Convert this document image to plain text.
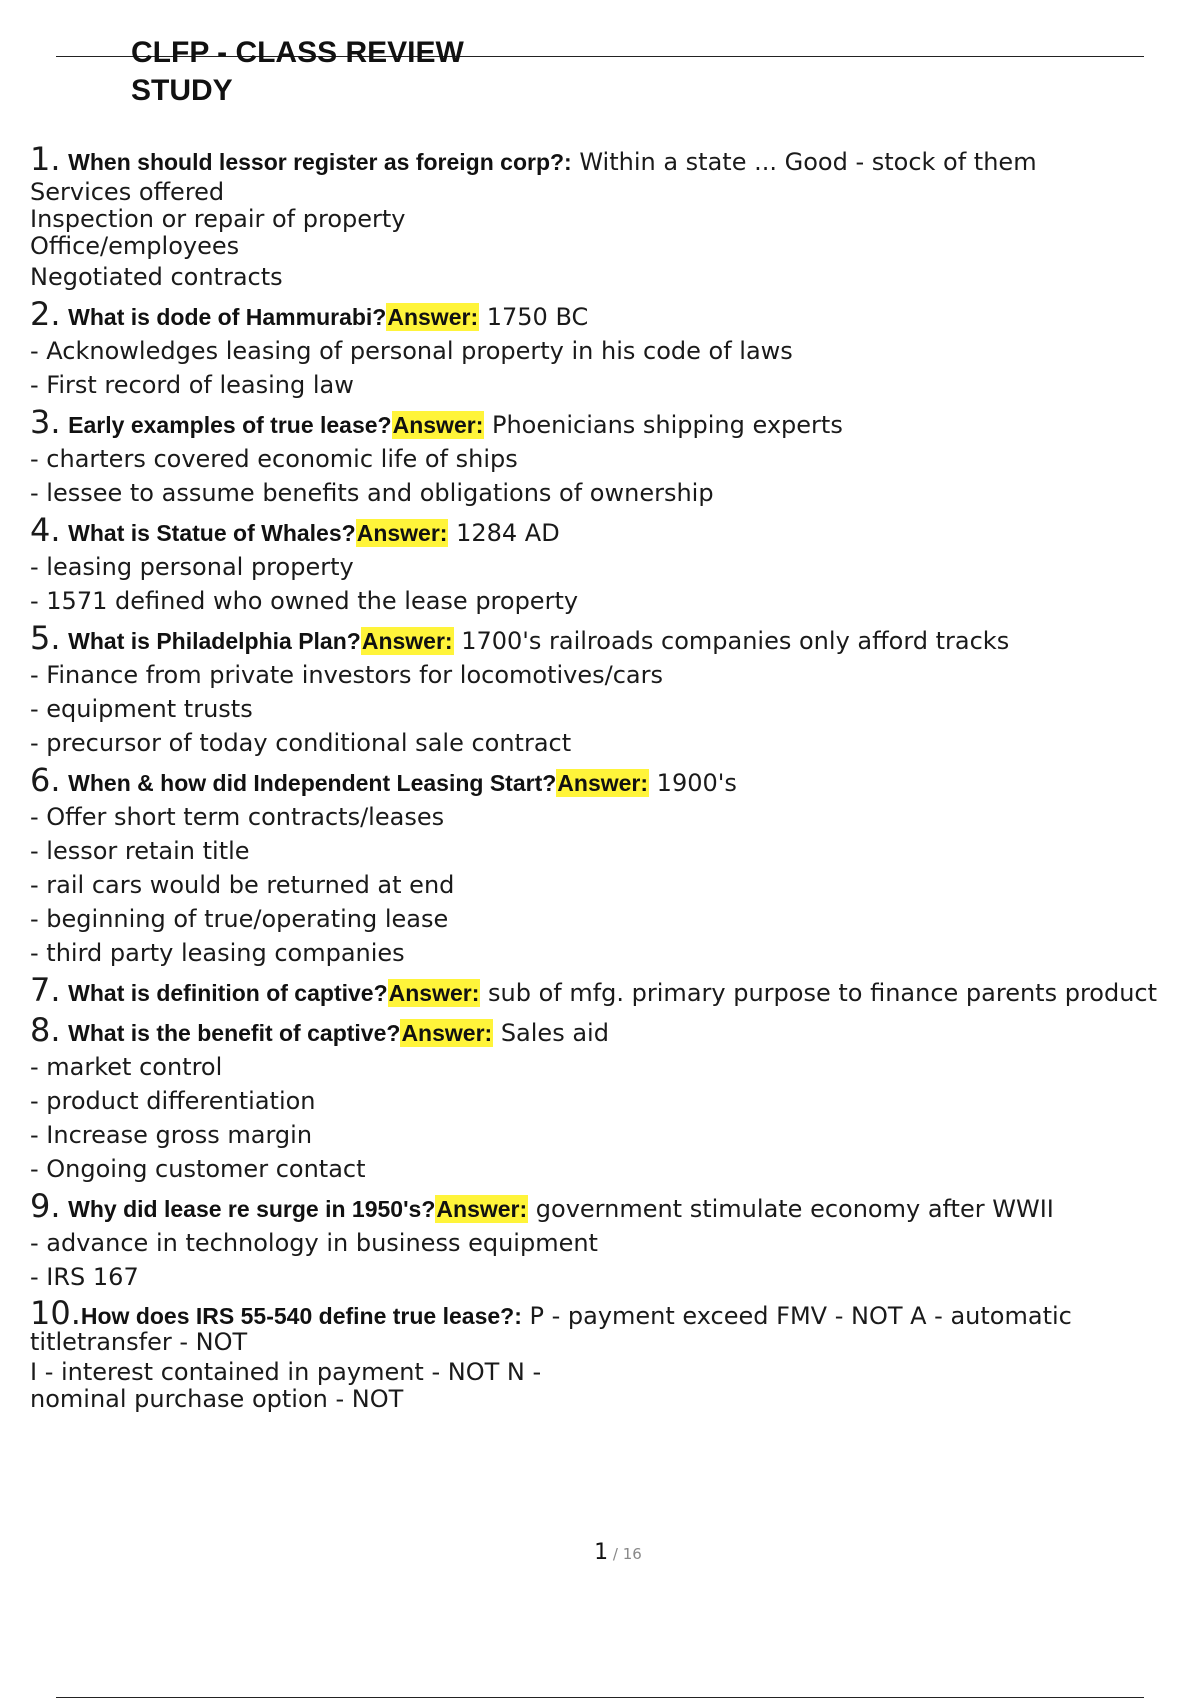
CLFP - CLASS REVIEW
STUDY
1. When should lessor register as foreign corp?: Within a state ... Good - stock of them
Services offered
Inspection or repair of property
Office/employees
Negotiated contracts
2. What is dode of Hammurabi?Answer: 1750 BC
- Acknowledges leasing of personal property in his code of laws
- First record of leasing law
3. Early examples of true lease?Answer: Phoenicians shipping experts
- charters covered economic life of ships
- lessee to assume benefits and obligations of ownership
4. What is Statue of Whales?Answer: 1284 AD
- leasing personal property
- 1571 defined who owned the lease property
5. What is Philadelphia Plan?Answer: 1700's railroads companies only afford tracks
- Finance from private investors for locomotives/cars
- equipment trusts
- precursor of today conditional sale contract
6. When & how did Independent Leasing Start?Answer: 1900's
- Offer short term contracts/leases
- lessor retain title
- rail cars would be returned at end
- beginning of true/operating lease
- third party leasing companies
7. What is definition of captive?Answer: sub of mfg. primary purpose to finance parents product
8. What is the benefit of captive?Answer: Sales aid
- market control
- product differentiation
- Increase gross margin
- Ongoing customer contact
9. Why did lease re surge in 1950's?Answer: government stimulate economy after WWII
- advance in technology in business equipment
- IRS 167
10.How does IRS 55-540 define true lease?: P - payment exceed FMV - NOT A - automatic titletransfer - NOT
I - interest contained in payment - NOT N -
nominal purchase option - NOT
1 / 16
